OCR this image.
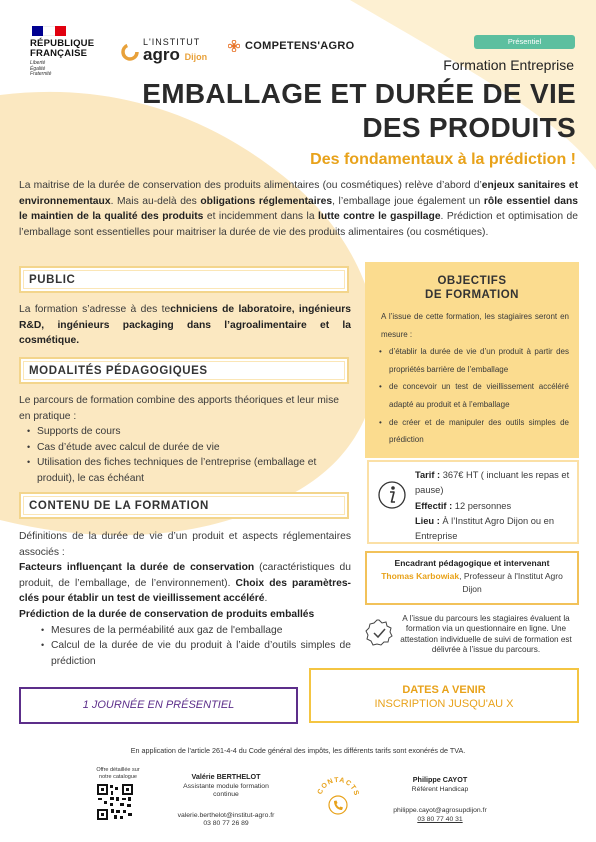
RÉPUBLIQUE
FRANÇAISE
Liberté
Égalité
Fraternité
L'INSTITUT
agro Dijon
COMPETENS'AGRO	Présentiel
Formation Entreprise
EMBALLAGE ET DURÉE DE VIE
DES PRODUITS
Des fondamentaux à la prédiction !
La maitrise de la durée de conservation des produits alimentaires (ou cosmétiques) relève d’abord d’enjeux sanitaires et environnementaux. Mais au-delà des obligations réglementaires, l’emballage joue également un rôle essentiel dans le maintien de la qualité des produits et incidemment dans la lutte contre le gaspillage. Prédiction et optimisation de l’emballage sont essentielles pour maitriser la durée de vie des produits alimentaires (ou cosmétiques).
PUBLIC
La formation s’adresse à des techniciens de laboratoire, ingénieurs R&D, ingénieurs packaging dans l’agroalimentaire et la cosmétique.
MODALITÉS PÉDAGOGIQUES
Le parcours de formation combine des apports théoriques et leur mise en pratique :
• Supports de cours
• Cas d’étude avec calcul de durée de vie
• Utilisation des fiches techniques de l’entreprise (emballage et produit), le cas échéant
CONTENU DE LA FORMATION
Définitions de la durée de vie d’un produit et aspects réglementaires associés :
Facteurs influençant la durée de conservation (caractéristiques du produit, de l’emballage, de l’environnement). Choix des paramètres-clés pour établir un test de vieillissement accéléré.
Prédiction de la durée de conservation de produits emballés
• Mesures de la perméabilité aux gaz de l'emballage
• Calcul de la durée de vie du produit à l’aide d’outils simples de prédiction
OBJECTIFS
DE FORMATION
A l’issue de cette formation, les stagiaires seront en mesure :
• d’établir la durée de vie d’un produit à partir des propriétés barrière de l’emballage
• de concevoir un test de vieillissement accéléré adapté au produit et à l’emballage
• de créer et de manipuler des outils simples de prédiction
Tarif : 367€ HT ( incluant les repas et pause)
Effectif : 12 personnes
Lieu : À l’Institut Agro Dijon ou en Entreprise
Encadrant pédagogique et intervenant
Thomas Karbowiak, Professeur à l'Institut Agro Dijon
A l’issue du parcours les stagiaires évaluent la formation via un questionnaire en ligne. Une attestation individuelle de suivi de formation est délivrée à l’issue du parcours.
1 JOURNÉE EN PRÉSENTIEL
DATES A VENIR
INSCRIPTION JUSQU'AU X
En application de l'article 261-4-4 du Code général des impôts, les différents tarifs sont exonérés de TVA.
Offre détaillée sur notre catalogue	Valérie BERTHELOT
Assistante module formation continue
valerie.berthelot@institut-agro.fr
03 80 77 26 89
CONTACTS
Philippe CAYOT
Référent Handicap
philippe.cayot@agrosupdijon.fr
03 80 77 40 31
